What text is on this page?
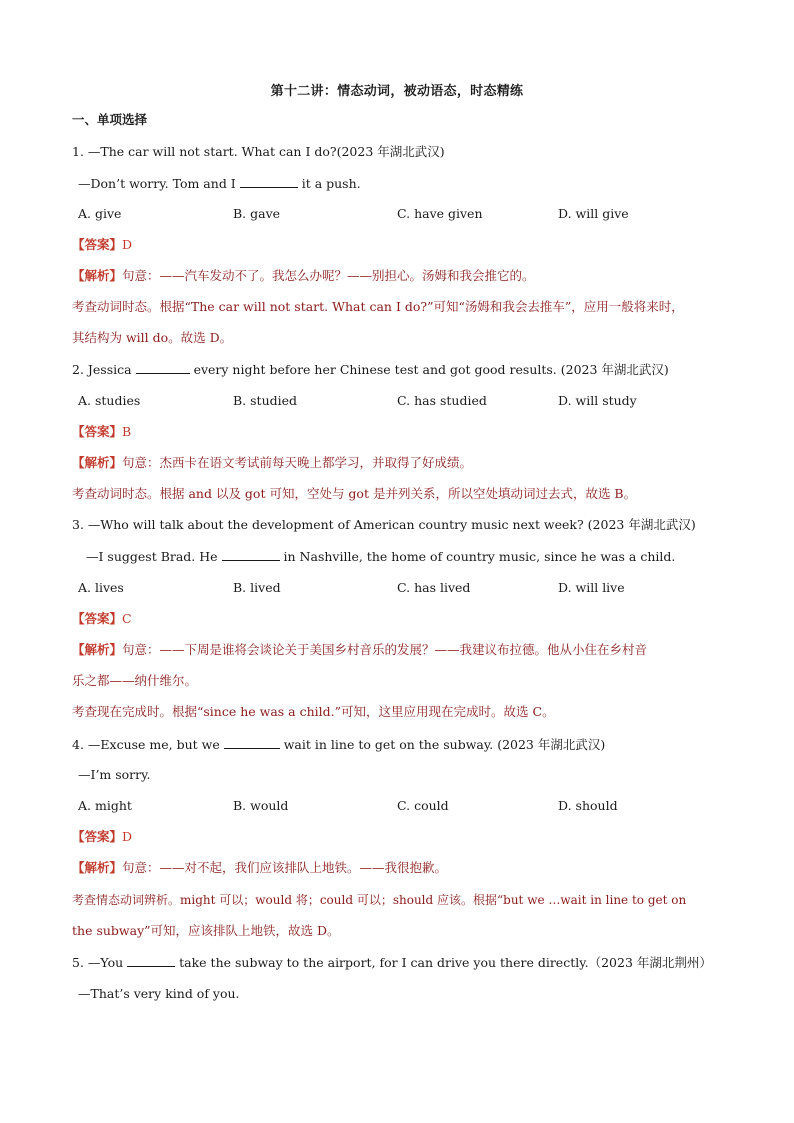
第十二讲：情态动词，被动语态，时态精练
一、单项选择
1. —The car will not start. What can I do?(2023 年湖北武汉)
—Don’t worry. Tom and I	it a push.
A. give	B. gave	C. have given	D. will give
【答案】D
【解析】句意：——汽车发动不了。我怎么办呢？——别担心。汤姆和我会推它的。
考查动词时态。根据“The car will not start. What can I do?”可知“汤姆和我会去推车”，应用一般将来时，
其结构为 will do。故选 D。
2. Jessica	every night before her Chinese test and got good results. (2023 年湖北武汉)
A. studies	B. studied	C. has studied	D. will study
【答案】B
【解析】句意：杰西卡在语文考试前每天晚上都学习，并取得了好成绩。
考查动词时态。根据 and 以及 got 可知，空处与 got 是并列关系，所以空处填动词过去式，故选 B。
3. —Who will talk about the development of American country music next week? (2023 年湖北武汉)
—I suggest Brad. He	in Nashville, the home of country music, since he was a child.
A. lives	B. lived	C. has lived	D. will live
【答案】C
【解析】句意：——下周是谁将会谈论关于美国乡村音乐的发展？——我建议布拉德。他从小住在乡村音
乐之都——纳什维尔。
考查现在完成时。根据“since he was a child.”可知，这里应用现在完成时。故选 C。
4. —Excuse me, but we	wait in line to get on the subway. (2023 年湖北武汉)
—I’m sorry.
A. might	B. would	C. could	D. should
【答案】D
【解析】句意：——对不起，我们应该排队上地铁。——我很抱歉。
考查情态动词辨析。might 可以；would 将；could 可以；should 应该。根据“but we …wait in line to get on
the subway”可知，应该排队上地铁，故选 D。
5. —You	take the subway to the airport, for I can drive you there directly.（2023 年湖北荆州）
—That’s very kind of you.
